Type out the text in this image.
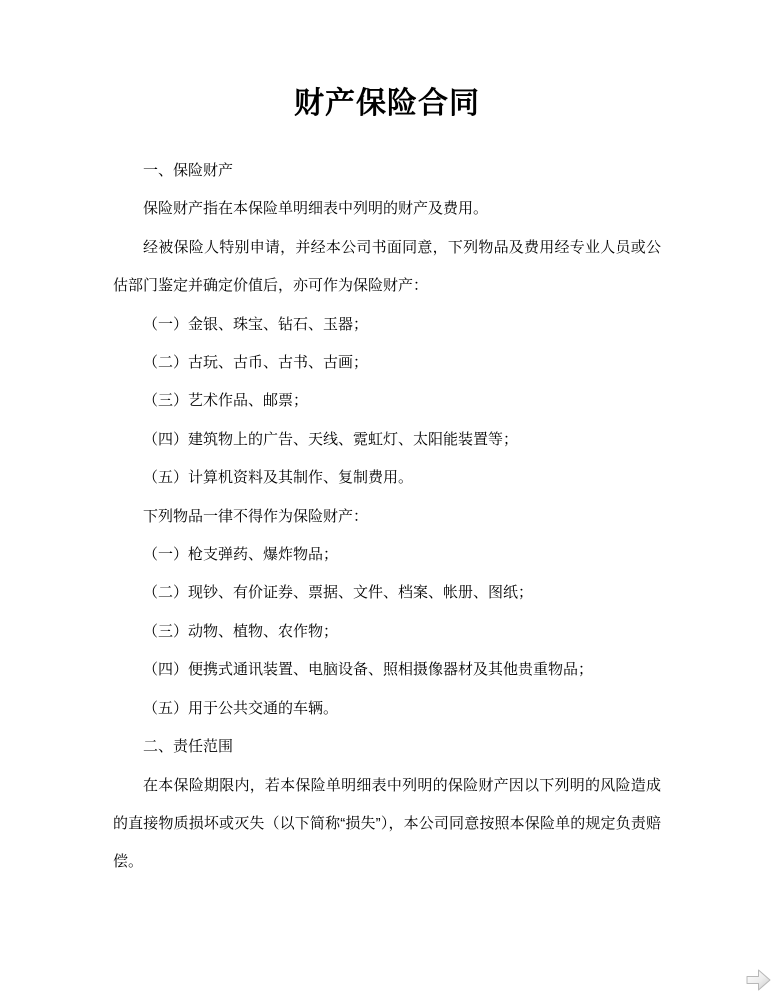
财产保险合同

一、保险财产

保险财产指在本保险单明细表中列明的财产及费用。

经被保险人特别申请，并经本公司书面同意，下列物品及费用经专业人员或公估部门鉴定并确定价值后，亦可作为保险财产：

（一）金银、珠宝、钻石、玉器；

（二）古玩、古币、古书、古画；

（三）艺术作品、邮票；

（四）建筑物上的广告、天线、霓虹灯、太阳能装置等；

（五）计算机资料及其制作、复制费用。

下列物品一律不得作为保险财产：

（一）枪支弹药、爆炸物品；

（二）现钞、有价证券、票据、文件、档案、帐册、图纸；

（三）动物、植物、农作物；

（四）便携式通讯装置、电脑设备、照相摄像器材及其他贵重物品；

（五）用于公共交通的车辆。

二、责任范围

在本保险期限内，若本保险单明细表中列明的保险财产因以下列明的风险造成的直接物质损坏或灭失（以下简称“损失”），本公司同意按照本保险单的规定负责赔偿。
